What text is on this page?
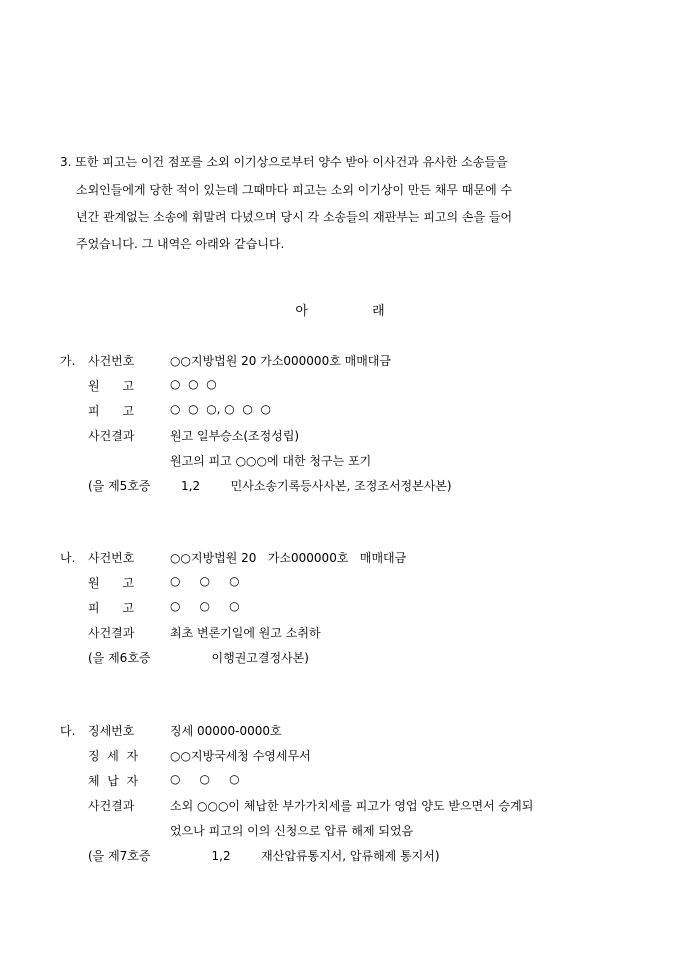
3. 또한 피고는 이건 점포를 소외 이기상으로부터 양수 받아 이사건과 유사한 소송들을
소외인들에게 당한 적이 있는데 그때마다 피고는 소외 이기상이 만든 채무 때문에 수
년간 관계없는 소송에 휘말려 다녔으며 당시 각 소송들의 재판부는 피고의 손을 들어
주었습니다. 그 내역은 아래와 같습니다.
아	래
가. 사건번호	○○지방법원 20 가소000000호 매매대금
원      고	○  ○  ○
피      고	○  ○  ○, ○  ○  ○
사건결과	원고 일부승소(조정성립)
원고의 피고 ○○○에 대한 청구는 포기
(을 제5호증        1,2        민사소송기록등사사본, 조정조서정본사본)
나. 사건번호	○○지방법원 20   가소000000호   매매대금
원      고	○     ○     ○
피      고	○     ○     ○
사건결과	최초 변론기일에 원고 소취하
(을 제6호증                이행권고결정사본)
다. 징세번호	징세 00000-0000호
징  세  자	○○지방국세청 수영세무서
체  납  자	○     ○     ○
사건결과	소외 ○○○이 체납한 부가가치세를 피고가 영업 양도 받으면서 승계되
었으나 피고의 이의 신청으로 압류 해제 되었음
(을 제7호증                1,2        재산압류통지서, 압류해제 통지서)
